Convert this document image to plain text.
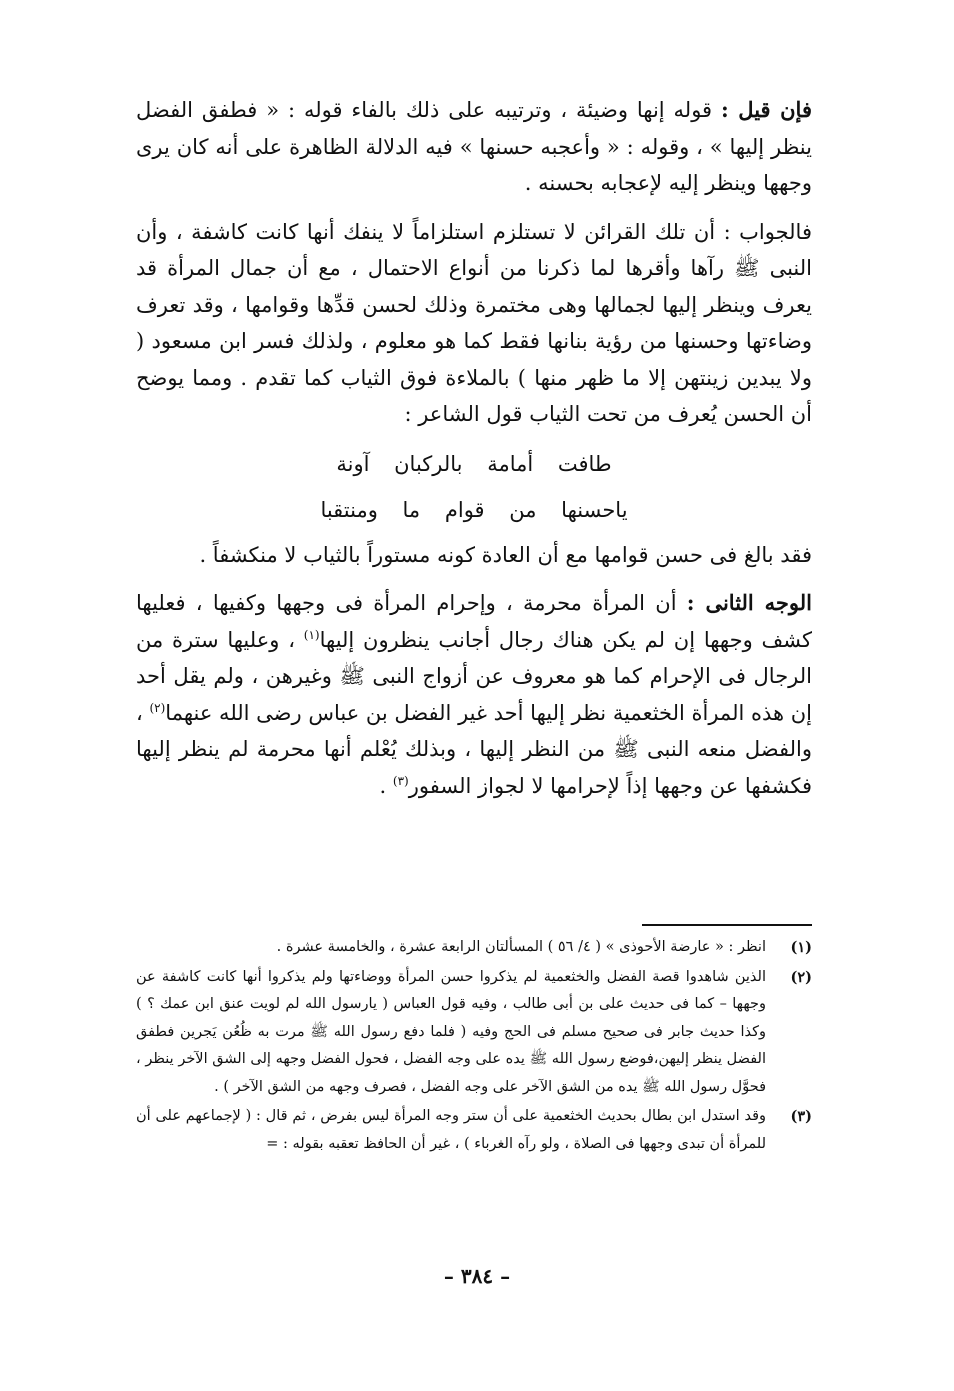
فإن قيل : قوله إنها وضيئة ، وترتيبه على ذلك بالفاء قوله : « فطفق الفضل ينظر إليها » ، وقوله : « وأعجبه حسنها » فيه الدلالة الظاهرة على أنه كان يرى وجهها وينظر إليه لإعجابه بحسنه .

فالجواب : أن تلك القرائن لا تستلزم استلزاماً لا ينفك أنها كانت كاشفة ، وأن النبى ﷺ رآها وأقرها لما ذكرنا من أنواع الاحتمال ، مع أن جمال المرأة قد يعرف وينظر إليها لجمالها وهى مختمرة وذلك لحسن قدِّها وقوامها ، وقد تعرف وضاءتها وحسنها من رؤية بنانها فقط كما هو معلوم ، ولذلك فسر ابن مسعود ( ولا يبدين زينتهن إلا ما ظهر منها ) بالملاءة فوق الثياب كما تقدم . ومما يوضح أن الحسن يُعرف من تحت الثياب قول الشاعر :

طافت أمامة بالركبان آونة
ياحسنها من قوام ما ومنتقبا

فقد بالغ فى حسن قوامها مع أن العادة كونه مستوراً بالثياب لا منكشفاً .

الوجه الثانى : أن المرأة محرمة ، وإحرام المرأة فى وجهها وكفيها ، فعليها كشف وجهها إن لم يكن هناك رجال أجانب ينظرون إليها$^{(١)}$ ، وعليها سترة من الرجال فى الإحرام كما هو معروف عن أزواج النبى ﷺ وغيرهن ، ولم يقل أحد إن هذه المرأة الخثعمية نظر إليها أحد غير الفضل بن عباس رضى الله عنهما$^{(٢)}$ ، والفضل منعه النبى ﷺ من النظر إليها ، وبذلك يُعْلم أنها محرمة لم ينظر إليها فكشفها عن وجهها إذاً لإحرامها لا لجواز السفور$^{(٣)}$ .

(١)
انظر : « عارضة الأحوذى » ( ٤/ ٥٦ ) المسألتان الرابعة عشرة ، والخامسة عشرة .
(٢)
الذين شاهدوا قصة الفضل والخثعمية لم يذكروا حسن المرأة ووضاءتها ولم يذكروا أنها كانت كاشفة عن وجهها – كما فى حديث على بن أبى طالب ، وفيه قول العباس ( يارسول الله لم لويت عنق ابن عمك ؟ ) وكذا حديث جابر فى صحيح مسلم فى الحج وفيه ( فلما دفع رسول الله ﷺ مرت به ظُعُن يَجرين فطفق الفضل ينظر إليهن،فوضع رسول الله ﷺ يده على وجه الفضل ، فحول الفضل وجهه إلى الشق الآخر ينظر ، فحوَّل رسول الله ﷺ يده من الشق الآخر على وجه الفضل ، فصرف وجهه من الشق الآخر ) .
(٣)
وقد استدل ابن بطال بحديث الخثعمية على أن ستر وجه المرأة ليس بفرض ، ثم قال : ( لإجماعهم على أن للمرأة أن تبدى وجهها فى الصلاة ، ولو رآه الغرباء ) ، غير أن الحافظ تعقبه بقوله : =
– ٣٨٤ –
